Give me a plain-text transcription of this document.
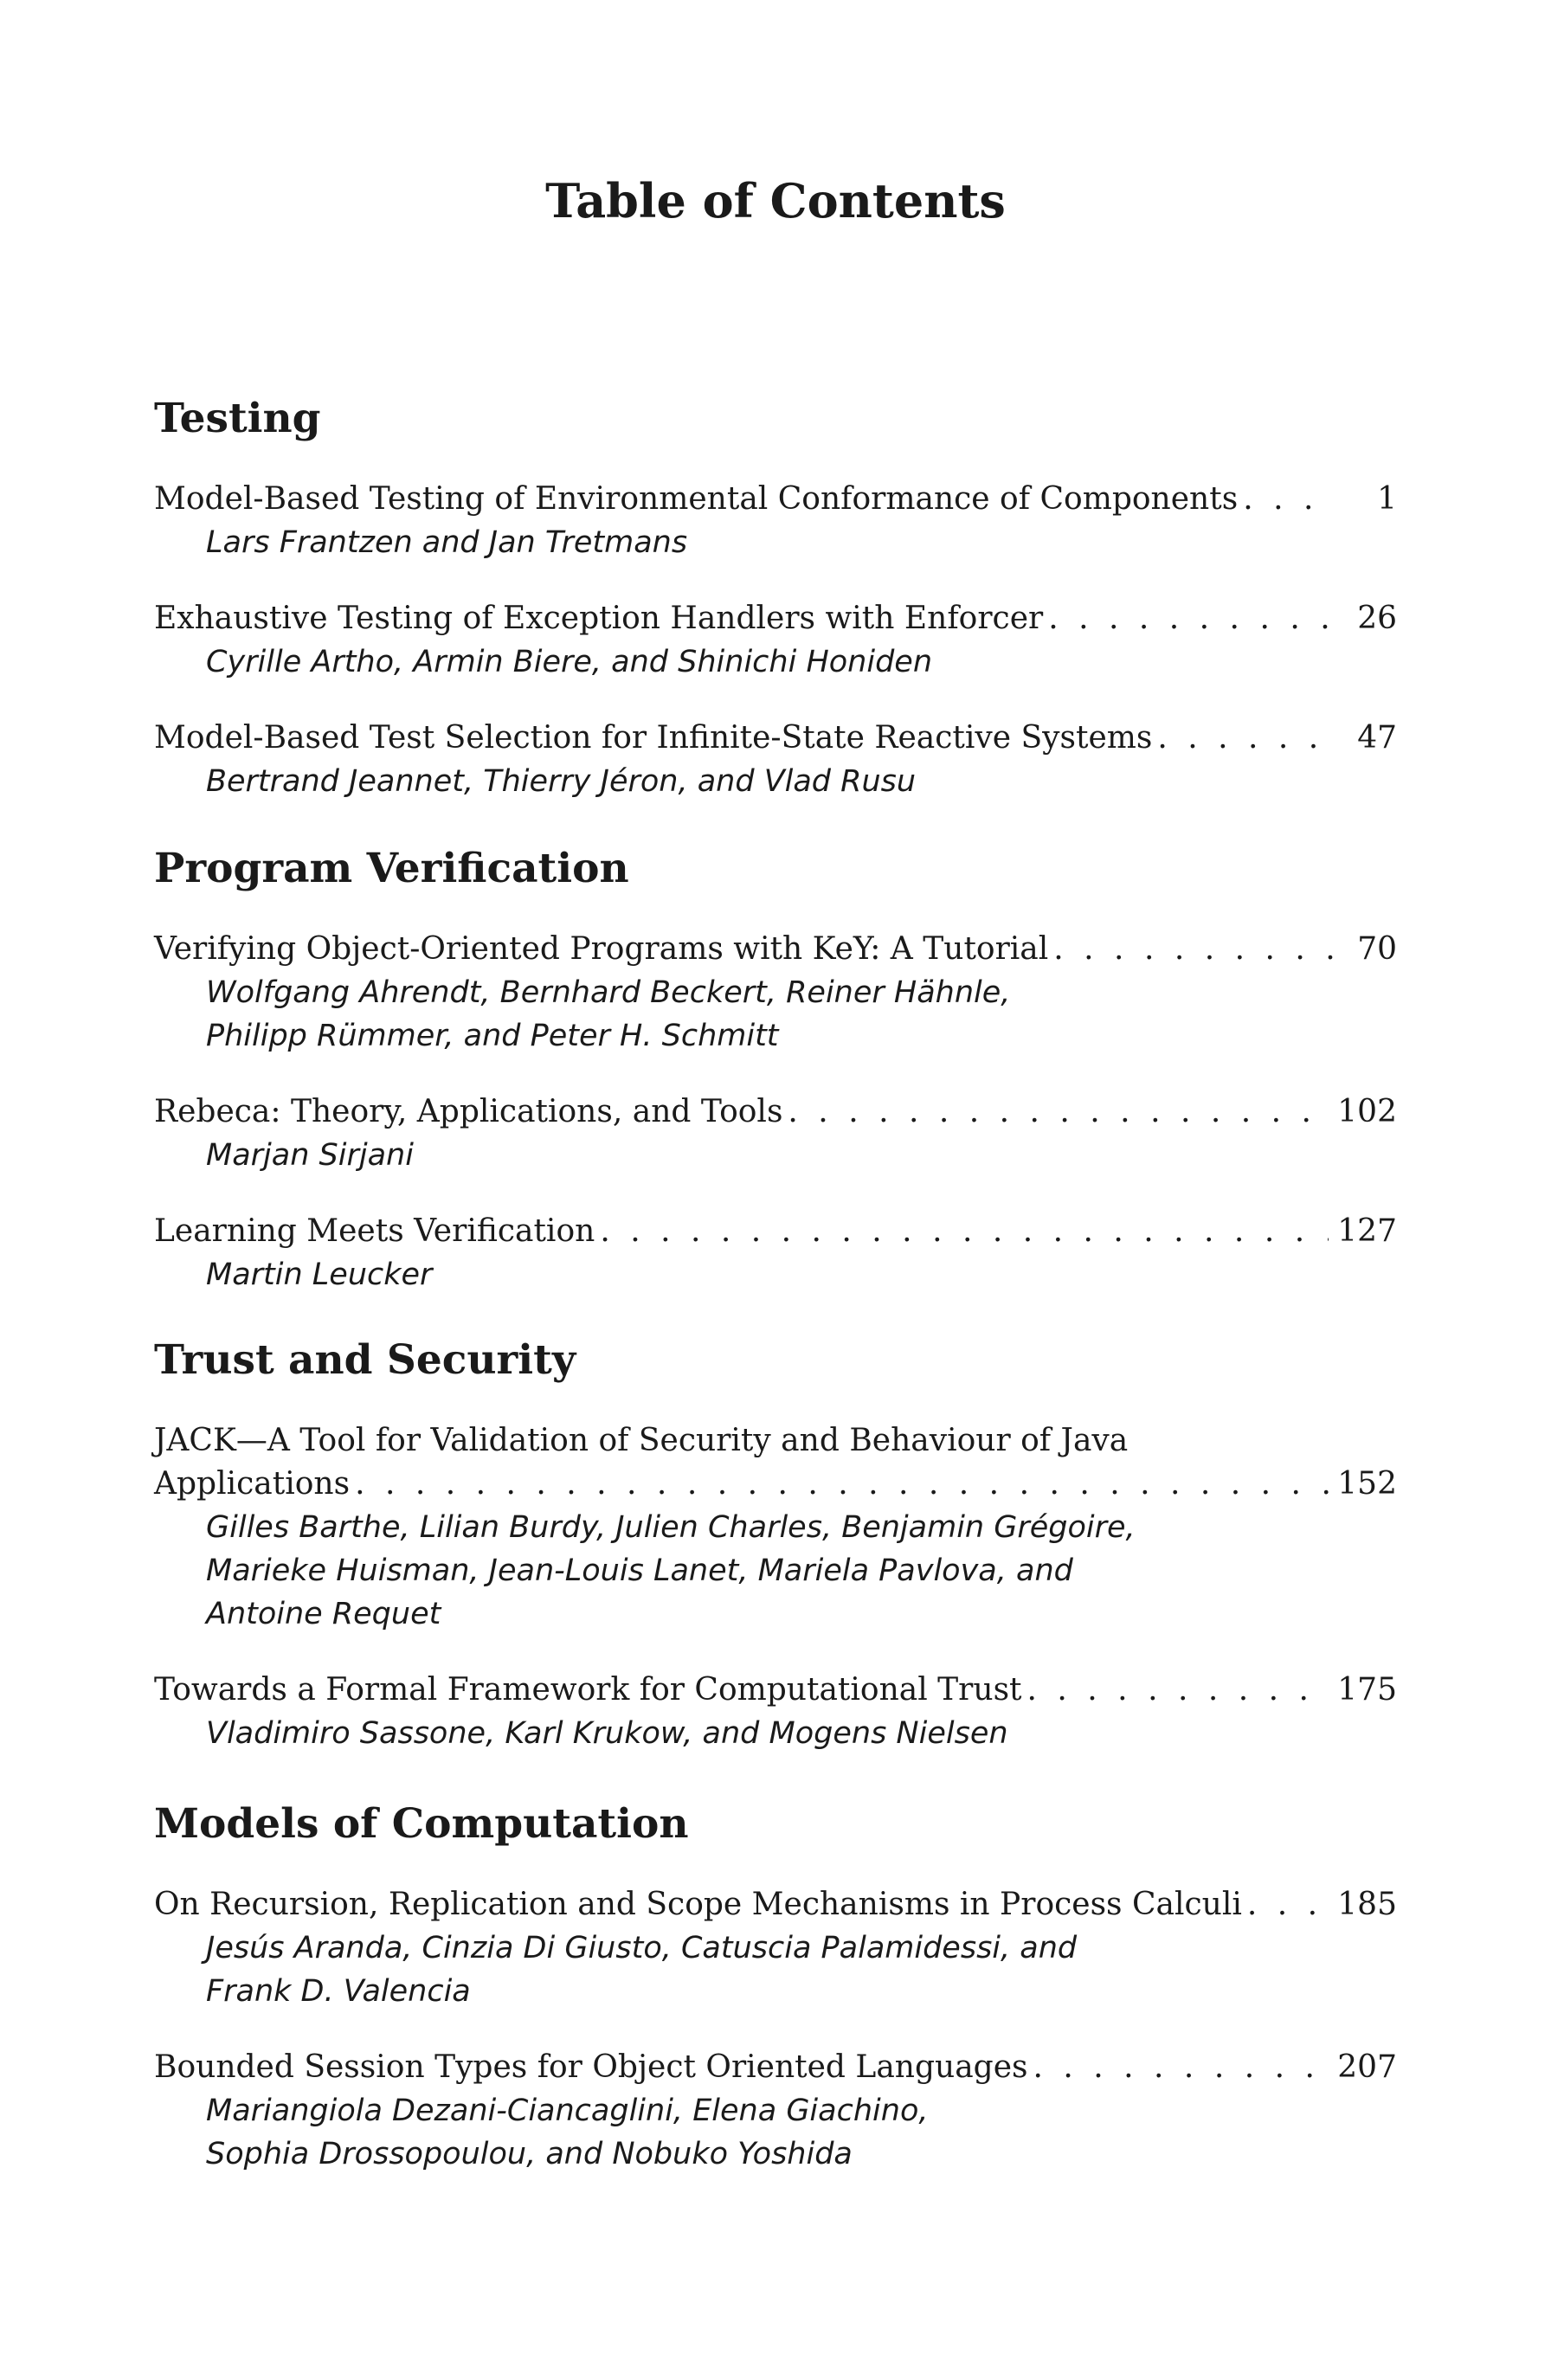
Table of Contents
Testing
Model-Based Testing of Environmental Conformance of Components . . .	1
Lars Frantzen and Jan Tretmans
Exhaustive Testing of Exception Handlers with Enforcer . . .	26
Cyrille Artho, Armin Biere, and Shinichi Honiden
Model-Based Test Selection for Infinite-State Reactive Systems . . .	47
Bertrand Jeannet, Thierry Jéron, and Vlad Rusu
Program Verification
Verifying Object-Oriented Programs with KeY: A Tutorial . . .	70
Wolfgang Ahrendt, Bernhard Beckert, Reiner Hähnle,
Philipp Rümmer, and Peter H. Schmitt
Rebeca: Theory, Applications, and Tools . . .	102
Marjan Sirjani
Learning Meets Verification . . .	127
Martin Leucker
Trust and Security
JACK—A Tool for Validation of Security and Behaviour of Java
Applications . . .	152
Gilles Barthe, Lilian Burdy, Julien Charles, Benjamin Grégoire,
Marieke Huisman, Jean-Louis Lanet, Mariela Pavlova, and
Antoine Requet
Towards a Formal Framework for Computational Trust . . .	175
Vladimiro Sassone, Karl Krukow, and Mogens Nielsen
Models of Computation
On Recursion, Replication and Scope Mechanisms in Process Calculi . . .	185
Jesús Aranda, Cinzia Di Giusto, Catuscia Palamidessi, and
Frank D. Valencia
Bounded Session Types for Object Oriented Languages . . .	207
Mariangiola Dezani-Ciancaglini, Elena Giachino,
Sophia Drossopoulou, and Nobuko Yoshida
